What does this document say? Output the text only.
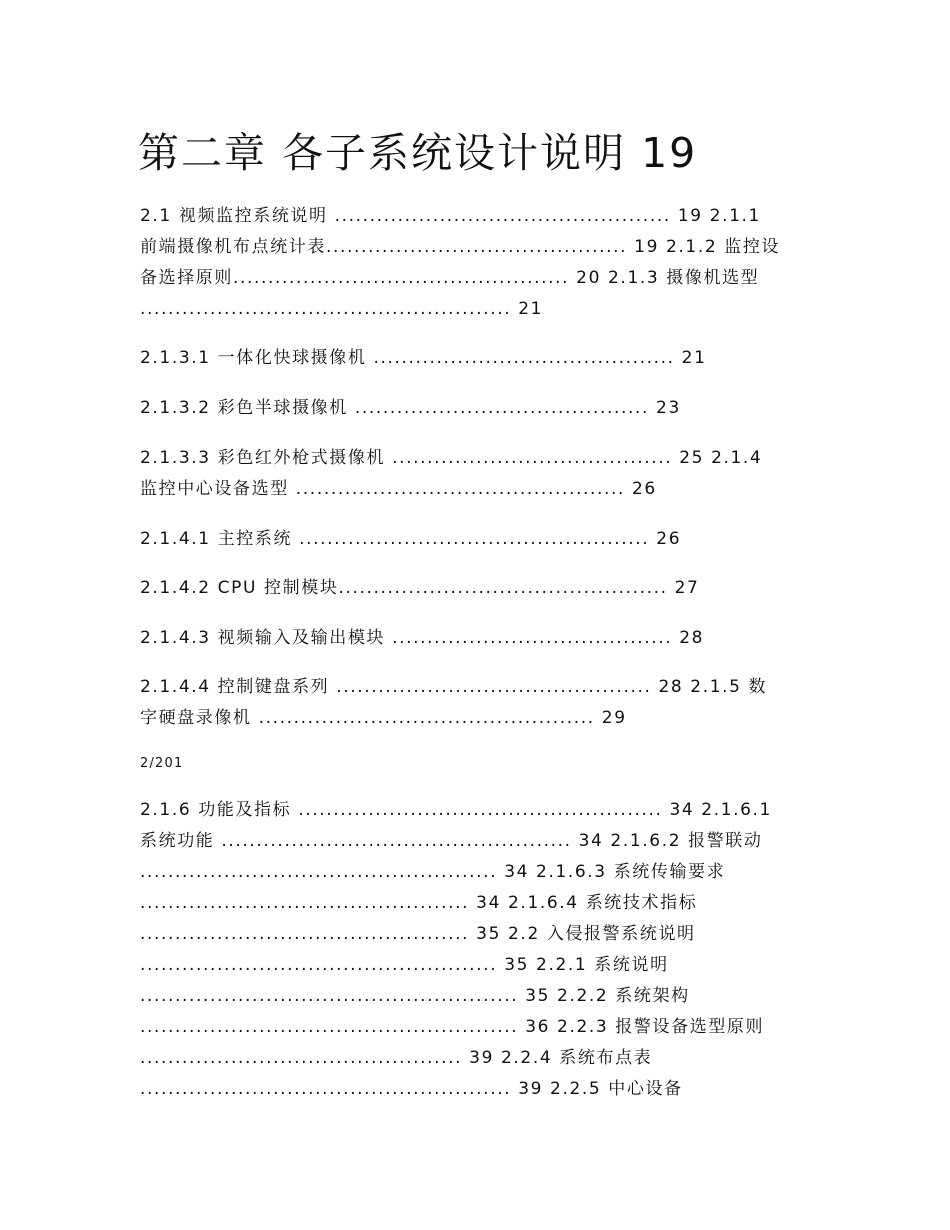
第二章 各子系统设计说明 19

2.1 视频监控系统说明 ................................................ 19 2.1.1
前端摄像机布点统计表........................................... 19 2.1.2 监控设
备选择原则................................................ 20 2.1.3 摄像机选型
..................................................... 21

2.1.3.1 一体化快球摄像机 ........................................... 21

2.1.3.2 彩色半球摄像机 .......................................... 23

2.1.3.3 彩色红外枪式摄像机 ........................................ 25 2.1.4
监控中心设备选型 ............................................... 26

2.1.4.1 主控系统 .................................................. 26

2.1.4.2 CPU 控制模块............................................... 27

2.1.4.3 视频输入及输出模块 ........................................ 28

2.1.4.4 控制键盘系列 ............................................. 28 2.1.5 数
字硬盘录像机 ................................................ 29

2/201

2.1.6 功能及指标 .................................................... 34 2.1.6.1
系统功能 .................................................. 34 2.1.6.2 报警联动
................................................... 34 2.1.6.3 系统传输要求
............................................... 34 2.1.6.4 系统技术指标
............................................... 35 2.2 入侵报警系统说明
................................................... 35 2.2.1 系统说明
...................................................... 35 2.2.2 系统架构
...................................................... 36 2.2.3 报警设备选型原则
.............................................. 39 2.2.4 系统布点表
..................................................... 39 2.2.5 中心设备
